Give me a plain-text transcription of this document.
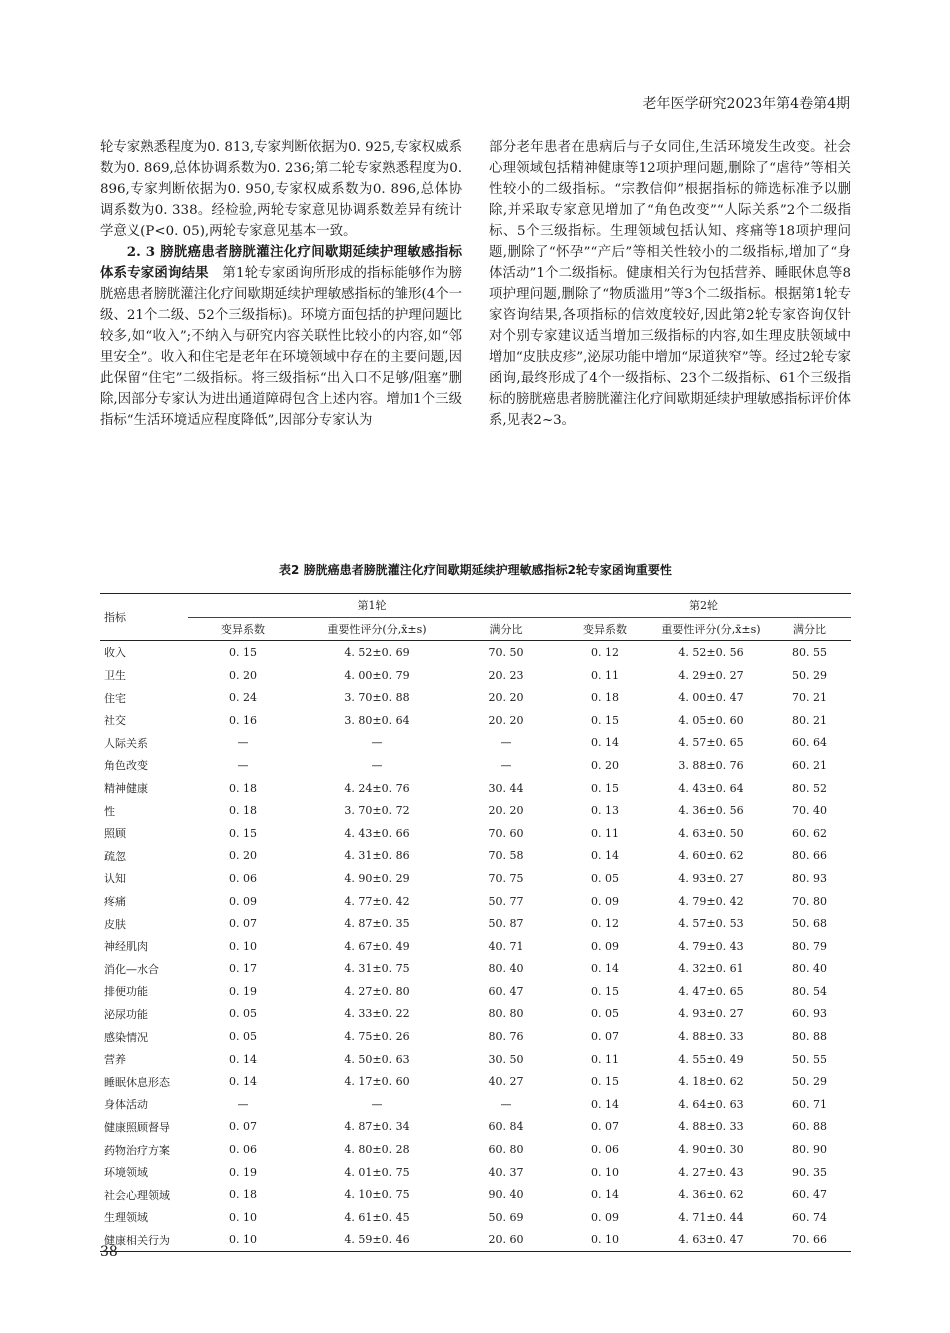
老年医学研究2023年第4卷第4期

轮专家熟悉程度为0. 813,专家判断依据为0. 925,专家权威系数为0. 869,总体协调系数为0. 236;第二轮专家熟悉程度为0. 896,专家判断依据为0. 950,专家权威系数为0. 896,总体协调系数为0. 338。经检验,两轮专家意见协调系数差异有统计学意义(P<0. 05),两轮专家意见基本一致。

2. 3 膀胱癌患者膀胱灌注化疗间歇期延续护理敏感指标体系专家函询结果　 第1轮专家函询所形成的指标能够作为膀胱癌患者膀胱灌注化疗间歇期延续护理敏感指标的雏形(4个一级、21个二级、52个三级指标)。环境方面包括的护理问题比较多,如“收入”;不纳入与研究内容关联性比较小的内容,如“邻里安全”。收入和住宅是老年在环境领域中存在的主要问题,因此保留“住宅”二级指标。将三级指标“出入口不足够/阻塞”删除,因部分专家认为进出通道障碍包含上述内容。增加1个三级指标“生活环境适应程度降低”,因部分专家认为

部分老年患者在患病后与子女同住,生活环境发生改变。社会心理领域包括精神健康等12项护理问题,删除了“虐待”等相关性较小的二级指标。“宗教信仰”根据指标的筛选标准予以删除,并采取专家意见增加了“角色改变”“人际关系”2个二级指标、5个三级指标。生理领域包括认知、疼痛等18项护理问题,删除了“怀孕”“产后”等相关性较小的二级指标,增加了“身体活动”1个二级指标。健康相关行为包括营养、睡眠休息等8项护理问题,删除了“物质滥用”等3个二级指标。根据第1轮专家咨询结果,各项指标的信效度较好,因此第2轮专家咨询仅针对个别专家建议适当增加三级指标的内容,如生理皮肤领域中增加“皮肤皮疹”,泌尿功能中增加“尿道狭窄”等。经过2轮专家函询,最终形成了4个一级指标、23个二级指标、61个三级指标的膀胱癌患者膀胱灌注化疗间歇期延续护理敏感指标评价体系,见表2~3。

表2 膀胱癌患者膀胱灌注化疗间歇期延续护理敏感指标2轮专家函询重要性
指标	第1轮			第2轮		
	变异系数	重要性评分(分,x̄±s)	满分比	变异系数	重要性评分(分,x̄±s)	满分比
收入	0. 15	4. 52±0. 69	70. 50	0. 12	4. 52±0. 56	80. 55
卫生	0. 20	4. 00±0. 79	20. 23	0. 11	4. 29±0. 27	50. 29
住宅	0. 24	3. 70±0. 88	20. 20	0. 18	4. 00±0. 47	70. 21
社交	0. 16	3. 80±0. 64	20. 20	0. 15	4. 05±0. 60	80. 21
人际关系	—	—	—	0. 14	4. 57±0. 65	60. 64
角色改变	—	—	—	0. 20	3. 88±0. 76	60. 21
精神健康	0. 18	4. 24±0. 76	30. 44	0. 15	4. 43±0. 64	80. 52
性	0. 18	3. 70±0. 72	20. 20	0. 13	4. 36±0. 56	70. 40
照顾	0. 15	4. 43±0. 66	70. 60	0. 11	4. 63±0. 50	60. 62
疏忽	0. 20	4. 31±0. 86	70. 58	0. 14	4. 60±0. 62	80. 66
认知	0. 06	4. 90±0. 29	70. 75	0. 05	4. 93±0. 27	80. 93
疼痛	0. 09	4. 77±0. 42	50. 77	0. 09	4. 79±0. 42	70. 80
皮肤	0. 07	4. 87±0. 35	50. 87	0. 12	4. 57±0. 53	50. 68
神经肌肉	0. 10	4. 67±0. 49	40. 71	0. 09	4. 79±0. 43	80. 79
消化—水合	0. 17	4. 31±0. 75	80. 40	0. 14	4. 32±0. 61	80. 40
排便功能	0. 19	4. 27±0. 80	60. 47	0. 15	4. 47±0. 65	80. 54
泌尿功能	0. 05	4. 33±0. 22	80. 80	0. 05	4. 93±0. 27	60. 93
感染情况	0. 05	4. 75±0. 26	80. 76	0. 07	4. 88±0. 33	80. 88
营养	0. 14	4. 50±0. 63	30. 50	0. 11	4. 55±0. 49	50. 55
睡眠休息形态	0. 14	4. 17±0. 60	40. 27	0. 15	4. 18±0. 62	50. 29
身体活动	—	—	—	0. 14	4. 64±0. 63	60. 71
健康照顾督导	0. 07	4. 87±0. 34	60. 84	0. 07	4. 88±0. 33	60. 88
药物治疗方案	0. 06	4. 80±0. 28	60. 80	0. 06	4. 90±0. 30	80. 90
环境领域	0. 19	4. 01±0. 75	40. 37	0. 10	4. 27±0. 43	90. 35
社会心理领域	0. 18	4. 10±0. 75	90. 40	0. 14	4. 36±0. 62	60. 47
生理领域	0. 10	4. 61±0. 45	50. 69	0. 09	4. 71±0. 44	60. 74
健康相关行为	0. 10	4. 59±0. 46	20. 60	0. 10	4. 63±0. 47	70. 66
38
